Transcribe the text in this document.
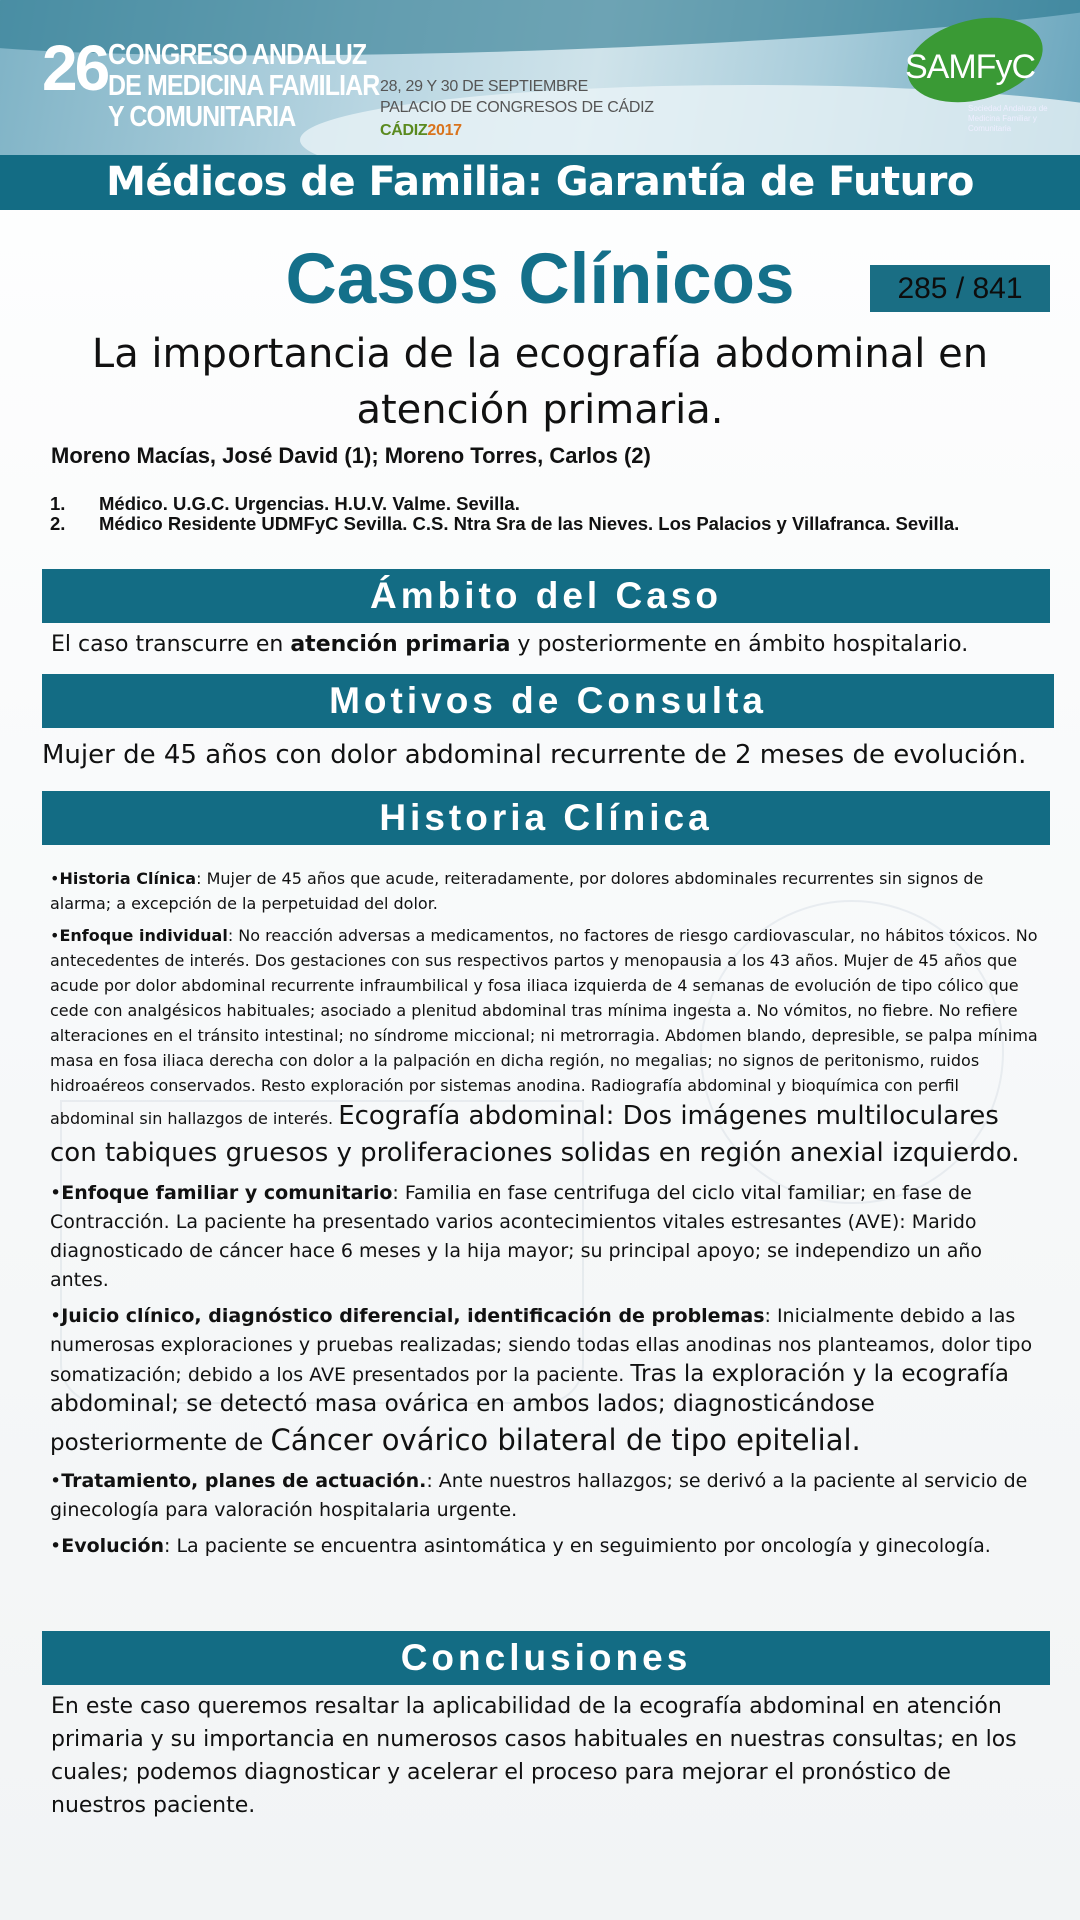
26 CONGRESO ANDALUZ
DE MEDICINA FAMILIAR
Y COMUNITARIA
28, 29 Y 30 DE SEPTIEMBRE
PALACIO DE CONGRESOS DE CÁDIZ
CÁDIZ2017
SAMFyC
Sociedad Andaluza de Medicina Familiar y Comunitaria
Médicos de Familia: Garantía de Futuro
Casos Clínicos	285 / 841
La importancia de la ecografía abdominal en atención primaria.
Moreno Macías, José David (1); Moreno Torres, Carlos (2)
1. Médico. U.G.C. Urgencias. H.U.V. Valme. Sevilla.
2. Médico Residente UDMFyC Sevilla. C.S. Ntra Sra de las Nieves. Los Palacios y Villafranca. Sevilla.
Ámbito del Caso
El caso transcurre en atención primaria y posteriormente en ámbito hospitalario.
Motivos de Consulta
Mujer de 45 años con dolor abdominal recurrente de 2 meses de evolución.
Historia Clínica

•Historia Clínica: Mujer de 45 años que acude, reiteradamente, por dolores abdominales recurrentes sin signos de alarma; a excepción de la perpetuidad del dolor.

•Enfoque individual: No reacción adversas a medicamentos, no factores de riesgo cardiovascular, no hábitos tóxicos. No antecedentes de interés. Dos gestaciones con sus respectivos partos y menopausia a los 43 años. Mujer de 45 años que acude por dolor abdominal recurrente infraumbilical y fosa iliaca izquierda de 4 semanas de evolución de tipo cólico que cede con analgésicos habituales; asociado a plenitud abdominal tras mínima ingesta a. No vómitos, no fiebre. No refiere alteraciones en el tránsito intestinal; no síndrome miccional; ni metrorragia. Abdomen blando, depresible, se palpa mínima masa en fosa iliaca derecha con dolor a la palpación en dicha región, no megalias; no signos de peritonismo, ruidos hidroaéreos conservados. Resto exploración por sistemas anodina. Radiografía abdominal y bioquímica con perfil abdominal sin hallazgos de interés. Ecografía abdominal: Dos imágenes multiloculares con tabiques gruesos y proliferaciones solidas en región anexial izquierdo.

•Enfoque familiar y comunitario: Familia en fase centrifuga del ciclo vital familiar; en fase de Contracción. La paciente ha presentado varios acontecimientos vitales estresantes (AVE): Marido diagnosticado de cáncer hace 6 meses y la hija mayor; su principal apoyo; se independizo un año antes.

•Juicio clínico, diagnóstico diferencial, identificación de problemas: Inicialmente debido a las numerosas exploraciones y pruebas realizadas; siendo todas ellas anodinas nos planteamos, dolor tipo somatización; debido a los AVE presentados por la paciente. Tras la exploración y la ecografía abdominal; se detectó masa ovárica en ambos lados; diagnosticándose posteriormente de Cáncer ovárico bilateral de tipo epitelial.

•Tratamiento, planes de actuación.: Ante nuestros hallazgos; se derivó a la paciente al servicio de ginecología para valoración hospitalaria urgente.

•Evolución: La paciente se encuentra asintomática y en seguimiento por oncología y ginecología.

Conclusiones
En este caso queremos resaltar la aplicabilidad de la ecografía abdominal en atención primaria y su importancia en numerosos casos habituales en nuestras consultas; en los cuales; podemos diagnosticar y acelerar el proceso para mejorar el pronóstico de nuestros paciente.
